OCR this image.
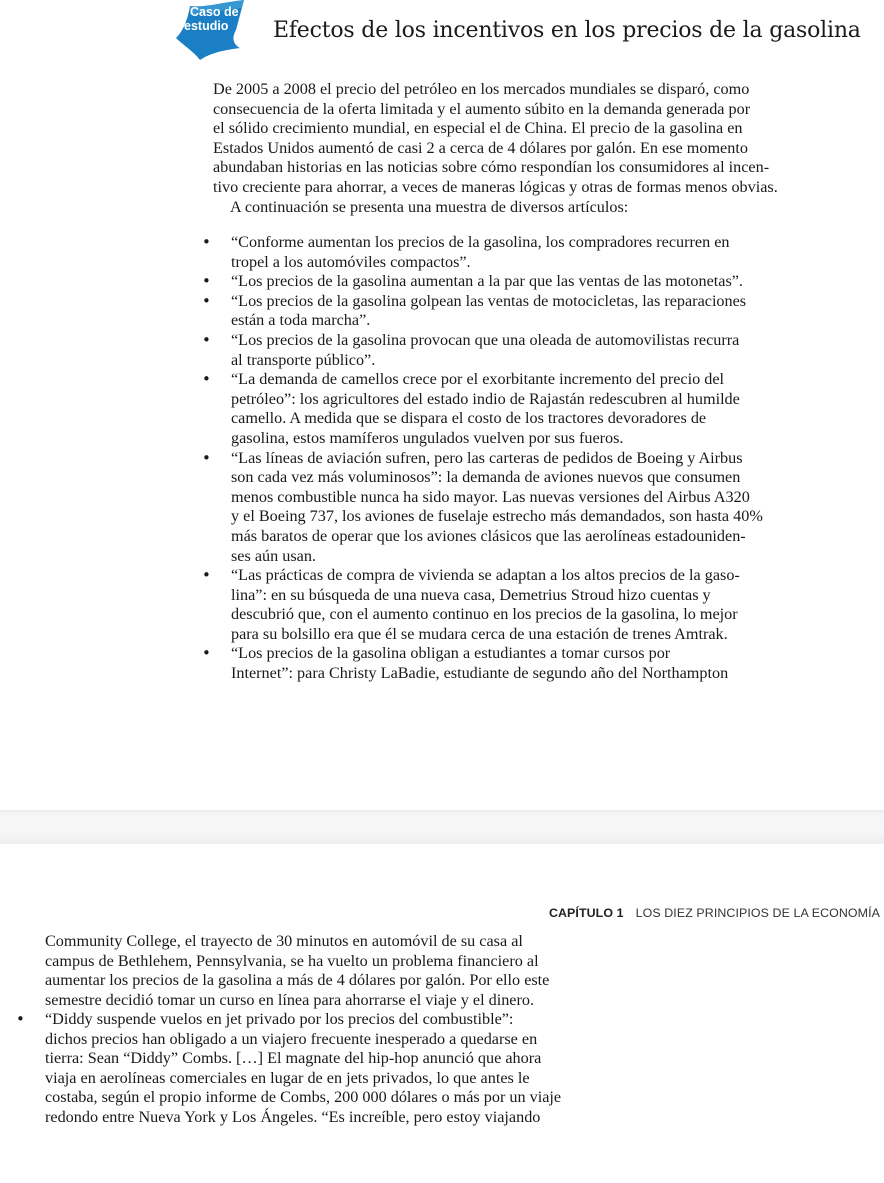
Caso de
estudio	Efectos de los incentivos en los precios de la gasolina

De 2005 a 2008 el precio del petróleo en los mercados mundiales se disparó, como
consecuencia de la oferta limitada y el aumento súbito en la demanda generada por
el sólido crecimiento mundial, en especial el de China. El precio de la gasolina en
Estados Unidos aumentó de casi 2 a cerca de 4 dólares por galón. En ese momento
abundaban historias en las noticias sobre cómo respondían los consumidores al incen-
tivo creciente para ahorrar, a veces de maneras lógicas y otras de formas menos obvias.

A continuación se presenta una muestra de diversos artículos:

• “Conforme aumentan los precios de la gasolina, los compradores recurren en
tropel a los automóviles compactos”.
• “Los precios de la gasolina aumentan a la par que las ventas de las motonetas”.
• “Los precios de la gasolina golpean las ventas de motocicletas, las reparaciones
están a toda marcha”.
• “Los precios de la gasolina provocan que una oleada de automovilistas recurra
al transporte público”.
• “La demanda de camellos crece por el exorbitante incremento del precio del
petróleo”: los agricultores del estado indio de Rajastán redescubren al humilde
camello. A medida que se dispara el costo de los tractores devoradores de
gasolina, estos mamíferos ungulados vuelven por sus fueros.
• “Las líneas de aviación sufren, pero las carteras de pedidos de Boeing y Airbus
son cada vez más voluminosos”: la demanda de aviones nuevos que consumen
menos combustible nunca ha sido mayor. Las nuevas versiones del Airbus A320
y el Boeing 737, los aviones de fuselaje estrecho más demandados, son hasta 40%
más baratos de operar que los aviones clásicos que las aerolíneas estadouniden-
ses aún usan.
• “Las prácticas de compra de vivienda se adaptan a los altos precios de la gaso-
lina”: en su búsqueda de una nueva casa, Demetrius Stroud hizo cuentas y
descubrió que, con el aumento continuo en los precios de la gasolina, lo mejor
para su bolsillo era que él se mudara cerca de una estación de trenes Amtrak.
• “Los precios de la gasolina obligan a estudiantes a tomar cursos por
Internet”: para Christy LaBadie, estudiante de segundo año del Northampton
CAPÍTULO 1 LOS DIEZ PRINCIPIOS DE LA ECONOMÍA

Community College, el trayecto de 30 minutos en automóvil de su casa al
campus de Bethlehem, Pennsylvania, se ha vuelto un problema financiero al
aumentar los precios de la gasolina a más de 4 dólares por galón. Por ello este
semestre decidió tomar un curso en línea para ahorrarse el viaje y el dinero.

• “Diddy suspende vuelos en jet privado por los precios del combustible”:
dichos precios han obligado a un viajero frecuente inesperado a quedarse en
tierra: Sean “Diddy” Combs. […] El magnate del hip-hop anunció que ahora
viaja en aerolíneas comerciales en lugar de en jets privados, lo que antes le
costaba, según el propio informe de Combs, 200 000 dólares o más por un viaje
redondo entre Nueva York y Los Ángeles. “Es increíble, pero estoy viajando
